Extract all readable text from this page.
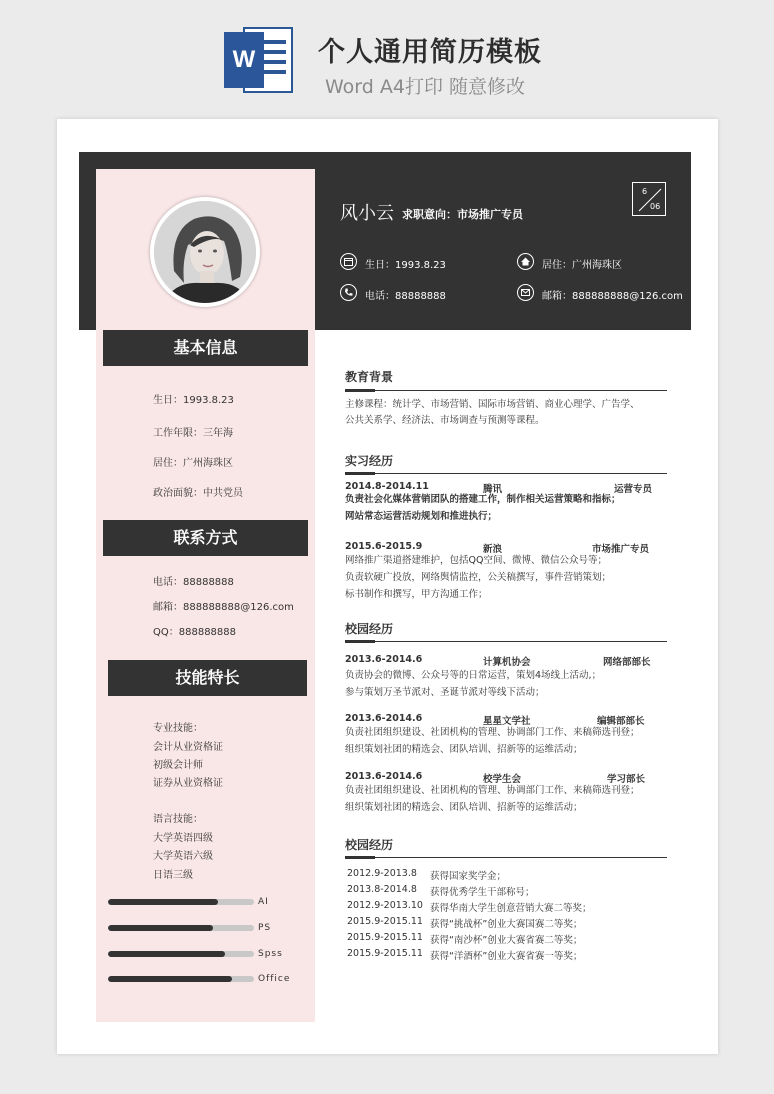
W 个人通用简历模板
Word A4打印 随意修改
风小云 求职意向：市场推广专员
6
06
生日：1993.8.23	居住：广州海珠区
电话：88888888	邮箱：888888888@126.com
基本信息
生日：1993.8.23
工作年限：三年海
居住：广州海珠区
政治面貌：中共党员
联系方式
电话：88888888
邮箱：888888888@126.com
QQ：888888888
技能特长
专业技能：
会计从业资格证
初级会计师
证券从业资格证
语言技能：
大学英语四级
大学英语六级
日语三级
AI
PS
Spss
Office
教育背景
主修课程：统计学、市场营销、国际市场营销、商业心理学、广告学、
公共关系学、经济法、市场调查与预测等课程。
实习经历
2014.8-2014.11	腾讯	运营专员
负责社会化媒体营销团队的搭建工作，制作相关运营策略和指标；
网站常态运营活动规划和推进执行；
2015.6-2015.9	新浪	市场推广专员
网络推广渠道搭建维护，包括QQ空间、微博、微信公众号等；
负责软硬广投放，网络舆情监控，公关稿撰写，事件营销策划；
标书制作和撰写，甲方沟通工作；
校园经历
2013.6-2014.6	计算机协会	网络部部长
负责协会的微博、公众号等的日常运营，策划4场线上活动,；
参与策划万圣节派对、圣诞节派对等线下活动；
2013.6-2014.6	星星文学社	编辑部部长
负责社团组织建设、社团机构的管理、协调部门工作、来稿筛选刊登；
组织策划社团的精选会、团队培训、招新等的运维活动；
2013.6-2014.6	校学生会	学习部长
负责社团组织建设、社团机构的管理、协调部门工作、来稿筛选刊登；
组织策划社团的精选会、团队培训、招新等的运维活动；
校园经历
2012.9-2013.8 获得国家奖学金；
2013.8-2014.8 获得优秀学生干部称号；
2012.9-2013.10 获得华南大学生创意营销大赛二等奖；
2015.9-2015.11 获得“挑战杯”创业大赛国赛二等奖；
2015.9-2015.11 获得“南沙杯”创业大赛省赛二等奖；
2015.9-2015.11 获得“洋酒杯”创业大赛省赛一等奖；
